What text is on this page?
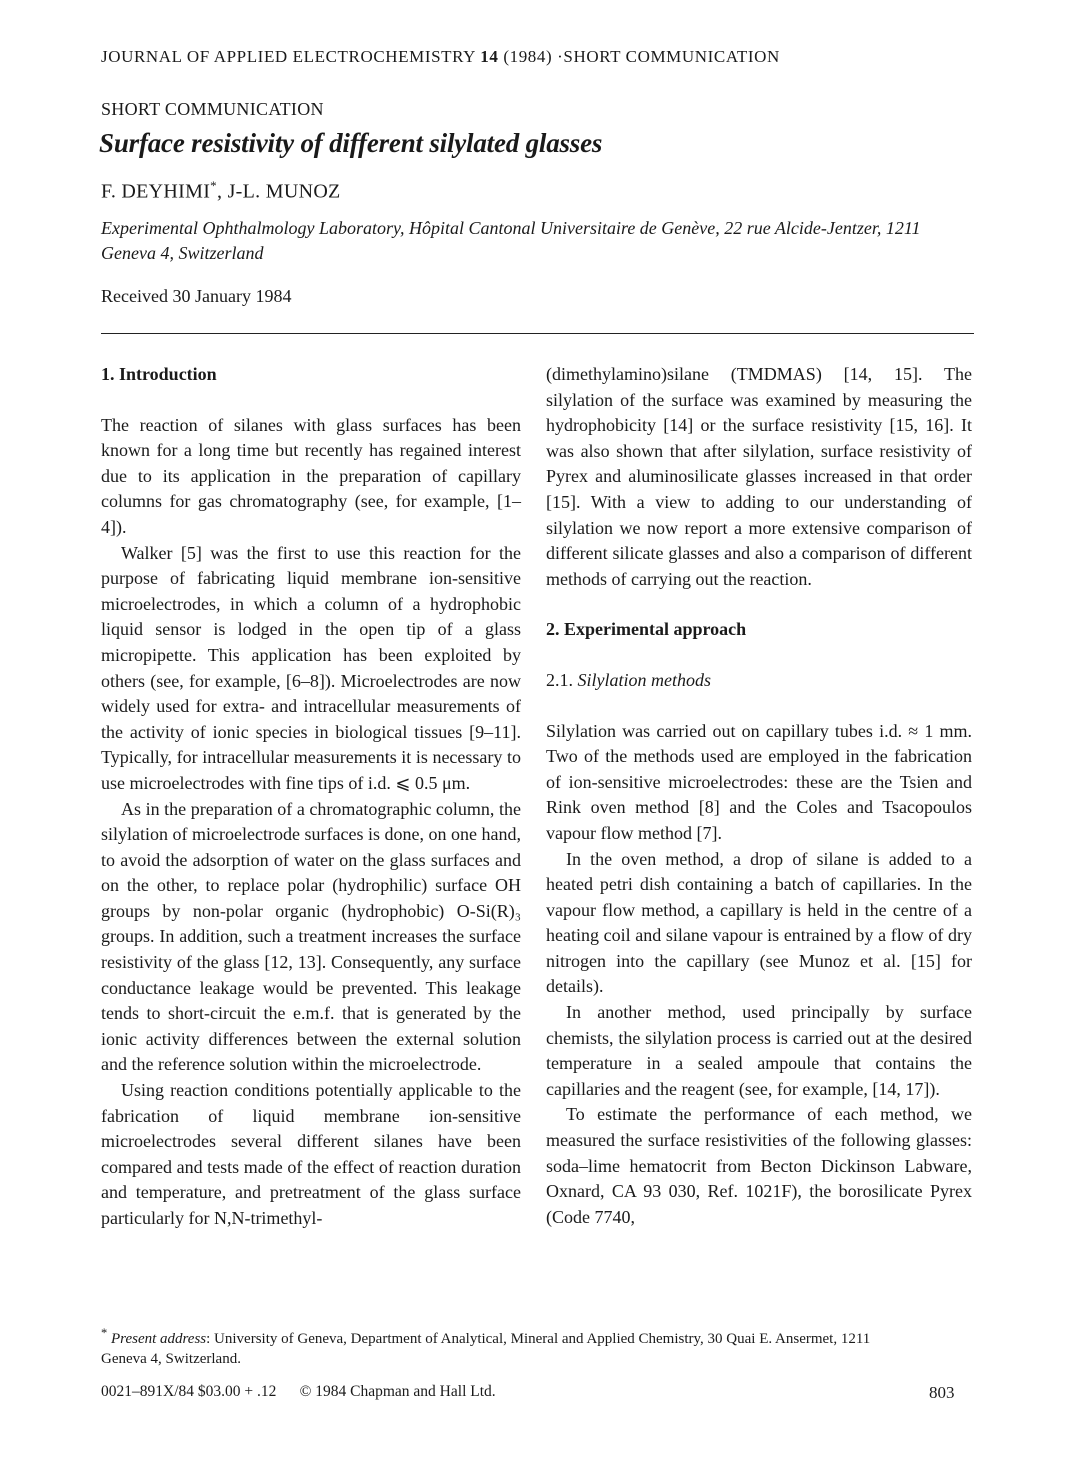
JOURNAL OF APPLIED ELECTROCHEMISTRY 14 (1984) ·SHORT COMMUNICATION
SHORT COMMUNICATION
Surface resistivity of different silylated glasses
F. DEYHIMI*, J-L. MUNOZ
Experimental Ophthalmology Laboratory, Hôpital Cantonal Universitaire de Genève, 22 rue Alcide-Jentzer, 1211 Geneva 4, Switzerland
Received 30 January 1984
1. Introduction

The reaction of silanes with glass surfaces has been known for a long time but recently has regained interest due to its application in the preparation of capillary columns for gas chromatography (see, for example, [1–4]).

Walker [5] was the first to use this reaction for the purpose of fabricating liquid membrane ion-sensitive microelectrodes, in which a column of a hydrophobic liquid sensor is lodged in the open tip of a glass micropipette. This application has been exploited by others (see, for example, [6–8]). Microelectrodes are now widely used for extra- and intracellular measurements of the activity of ionic species in biological tissues [9–11]. Typically, for intracellular measurements it is necessary to use microelectrodes with fine tips of i.d. ⩽ 0.5 μm.

As in the preparation of a chromatographic column, the silylation of microelectrode surfaces is done, on one hand, to avoid the adsorption of water on the glass surfaces and on the other, to replace polar (hydrophilic) surface OH groups by non-polar organic (hydrophobic) O-Si(R)₃ groups. In addition, such a treatment increases the surface resistivity of the glass [12, 13]. Consequently, any surface conductance leakage would be prevented. This leakage tends to short-circuit the e.m.f. that is generated by the ionic activity differences between the external solution and the reference solution within the microelectrode.

Using reaction conditions potentially applicable to the fabrication of liquid membrane ion-sensitive microelectrodes several different silanes have been compared and tests made of the effect of reaction duration and temperature, and pretreatment of the glass surface particularly for N,N-trimethyl-

(dimethylamino)silane (TMDMAS) [14, 15]. The silylation of the surface was examined by measuring the hydrophobicity [14] or the surface resistivity [15, 16]. It was also shown that after silylation, surface resistivity of Pyrex and aluminosilicate glasses increased in that order [15]. With a view to adding to our understanding of silylation we now report a more extensive comparison of different silicate glasses and also a comparison of different methods of carrying out the reaction.

2. Experimental approach
2.1. Silylation methods

Silylation was carried out on capillary tubes i.d. ≈ 1 mm. Two of the methods used are employed in the fabrication of ion-sensitive microelectrodes: these are the Tsien and Rink oven method [8] and the Coles and Tsacopoulos vapour flow method [7].

In the oven method, a drop of silane is added to a heated petri dish containing a batch of capillaries. In the vapour flow method, a capillary is held in the centre of a heating coil and silane vapour is entrained by a flow of dry nitrogen into the capillary (see Munoz et al. [15] for details).

In another method, used principally by surface chemists, the silylation process is carried out at the desired temperature in a sealed ampoule that contains the capillaries and the reagent (see, for example, [14, 17]).

To estimate the performance of each method, we measured the surface resistivities of the following glasses: soda–lime hematocrit from Becton Dickinson Labware, Oxnard, CA 93 030, Ref. 1021F), the borosilicate Pyrex (Code 7740,

* Present address: University of Geneva, Department of Analytical, Mineral and Applied Chemistry, 30 Quai E. Ansermet, 1211 Geneva 4, Switzerland.
0021–891X/84 $03.00 + .12 © 1984 Chapman and Hall Ltd.	803
